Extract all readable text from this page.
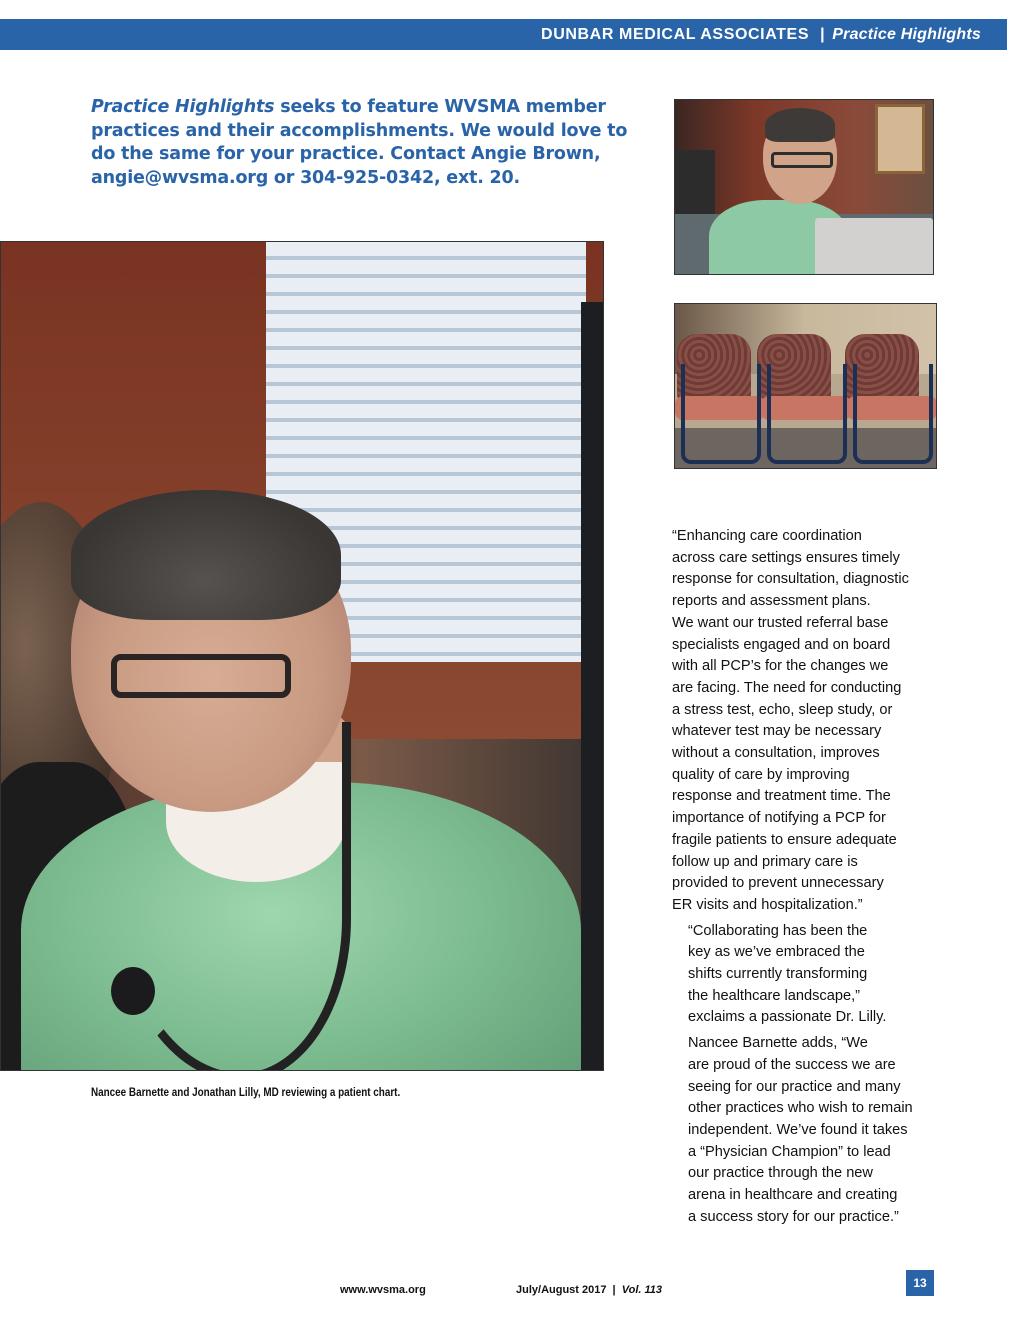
DUNBAR MEDICAL ASSOCIATES | Practice Highlights
Practice Highlights seeks to feature WVSMA member practices and their accomplishments. We would love to do the same for your practice. Contact Angie Brown, angie@wvsma.org or 304-925-0342, ext. 20.
Nancee Barnette and Jonathan Lilly, MD reviewing a patient chart.

“Enhancing care coordination
across care settings ensures timely
response for consultation, diagnostic
reports and assessment plans.
We want our trusted referral base
specialists engaged and on board
with all PCP’s for the changes we
are facing. The need for conducting
a stress test, echo, sleep study, or
whatever test may be necessary
without a consultation, improves
quality of care by improving
response and treatment time. The
importance of notifying a PCP for
fragile patients to ensure adequate
follow up and primary care is
provided to prevent unnecessary
ER visits and hospitalization.”

“Collaborating has been the
key as we’ve embraced the
shifts currently transforming
the healthcare landscape,”
exclaims a passionate Dr. Lilly.

Nancee Barnette adds, “We
are proud of the success we are
seeing for our practice and many
other practices who wish to remain
independent. We’ve found it takes
a “Physician Champion” to lead
our practice through the new
arena in healthcare and creating
a success story for our practice.”

www.wvsma.org	July/August 2017 | Vol. 113	13
